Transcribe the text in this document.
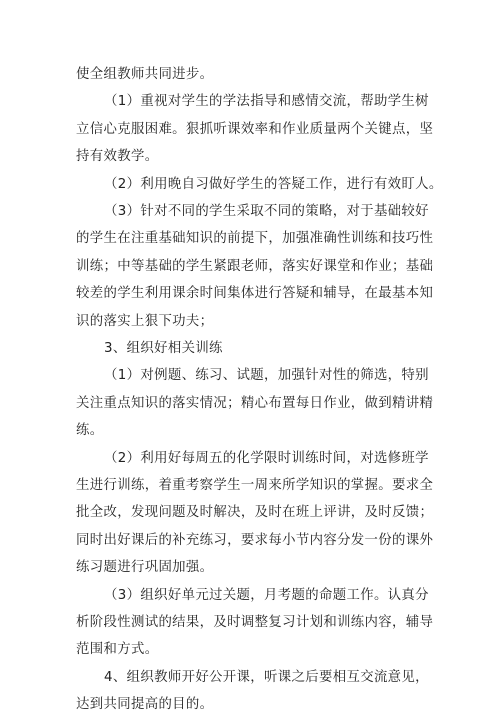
使全组教师共同进步。
（1）重视对学生的学法指导和感情交流，帮助学生树
立信心克服困难。狠抓听课效率和作业质量两个关键点，坚
持有效教学。
（2）利用晚自习做好学生的答疑工作，进行有效盯人。
（3）针对不同的学生采取不同的策略，对于基础较好
的学生在注重基础知识的前提下，加强准确性训练和技巧性
训练；中等基础的学生紧跟老师，落实好课堂和作业；基础
较差的学生利用课余时间集体进行答疑和辅导，在最基本知
识的落实上狠下功夫；
3、组织好相关训练
（1）对例题、练习、试题，加强针对性的筛选，特别
关注重点知识的落实情况；精心布置每日作业，做到精讲精
练。
（2）利用好每周五的化学限时训练时间，对选修班学
生进行训练，着重考察学生一周来所学知识的掌握。要求全
批全改，发现问题及时解决，及时在班上评讲，及时反馈；
同时出好课后的补充练习，要求每小节内容分发一份的课外
练习题进行巩固加强。
（3）组织好单元过关题，月考题的命题工作。认真分
析阶段性测试的结果，及时调整复习计划和训练内容，辅导
范围和方式。
4、组织教师开好公开课，听课之后要相互交流意见，
达到共同提高的目的。
